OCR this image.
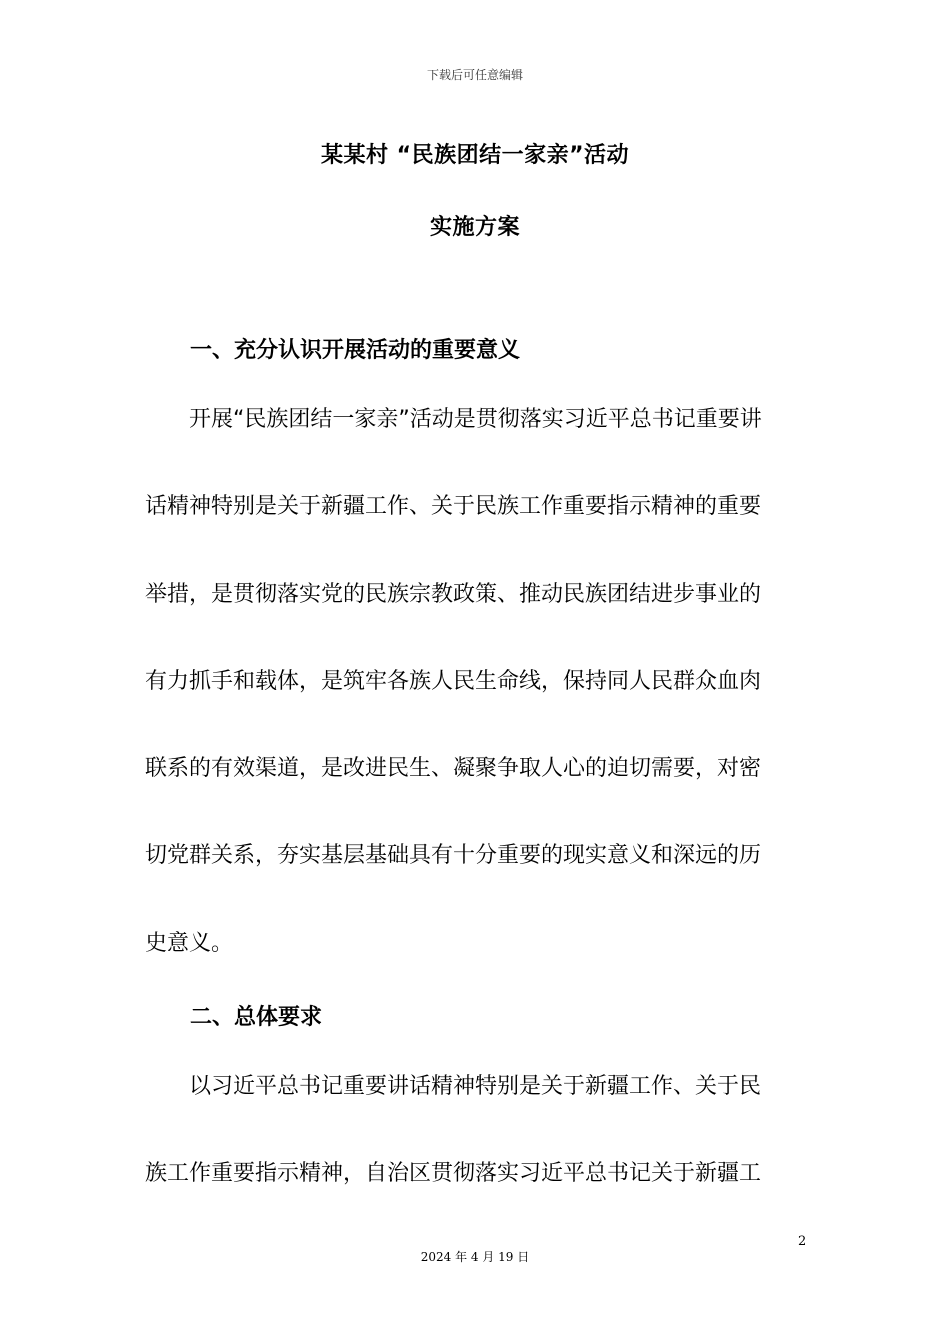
下载后可任意编辑
某某村 “民族团结一家亲”活动
实施方案
一、充分认识开展活动的重要意义
开展“民族团结一家亲”活动是贯彻落实习近平总书记重要讲
话精神特别是关于新疆工作、关于民族工作重要指示精神的重要
举措，是贯彻落实党的民族宗教政策、推动民族团结进步事业的
有力抓手和载体，是筑牢各族人民生命线，保持同人民群众血肉
联系的有效渠道，是改进民生、凝聚争取人心的迫切需要，对密
切党群关系，夯实基层基础具有十分重要的现实意义和深远的历
史意义。
二、总体要求
以习近平总书记重要讲话精神特别是关于新疆工作、关于民
族工作重要指示精神，自治区贯彻落实习近平总书记关于新疆工
2
2024 年 4 月 19 日
